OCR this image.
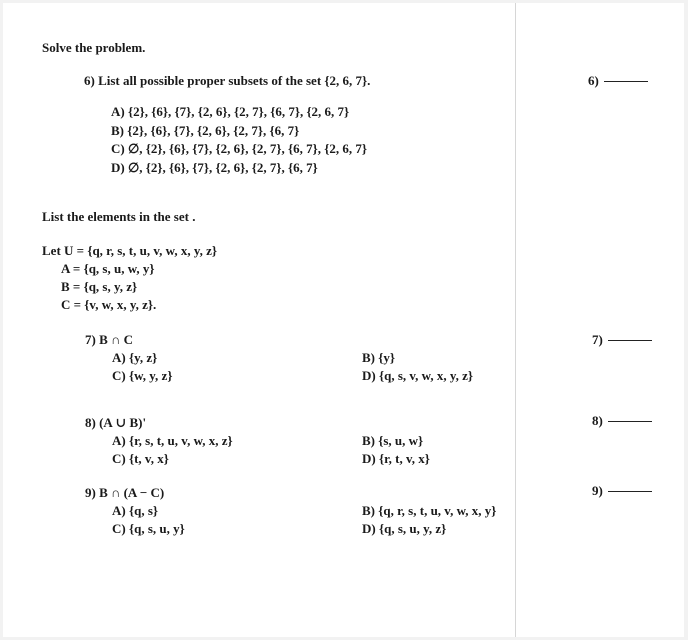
Solve the problem.
6) List all possible proper subsets of the set {2, 6, 7}.	6)
A) {2}, {6}, {7}, {2, 6}, {2, 7}, {6, 7}, {2, 6, 7}
B) {2}, {6}, {7}, {2, 6}, {2, 7}, {6, 7}
C) ∅, {2}, {6}, {7}, {2, 6}, {2, 7}, {6, 7}, {2, 6, 7}
D) ∅, {2}, {6}, {7}, {2, 6}, {2, 7}, {6, 7}
List the elements in the set .
Let U = {q, r, s, t, u, v, w, x, y, z}
A = {q, s, u, w, y}
B = {q, s, y, z}
C = {v, w, x, y, z}.
7) B ∩ C	7)
A) {y, z}	B) {y}
C) {w, y, z}	D) {q, s, v, w, x, y, z}
8) (A ∪ B)'	8)
A) {r, s, t, u, v, w, x, z}	B) {s, u, w}
C) {t, v, x}	D) {r, t, v, x}
9) B ∩ (A − C)	9)
A) {q, s}	B) {q, r, s, t, u, v, w, x, y}
C) {q, s, u, y}	D) {q, s, u, y, z}
